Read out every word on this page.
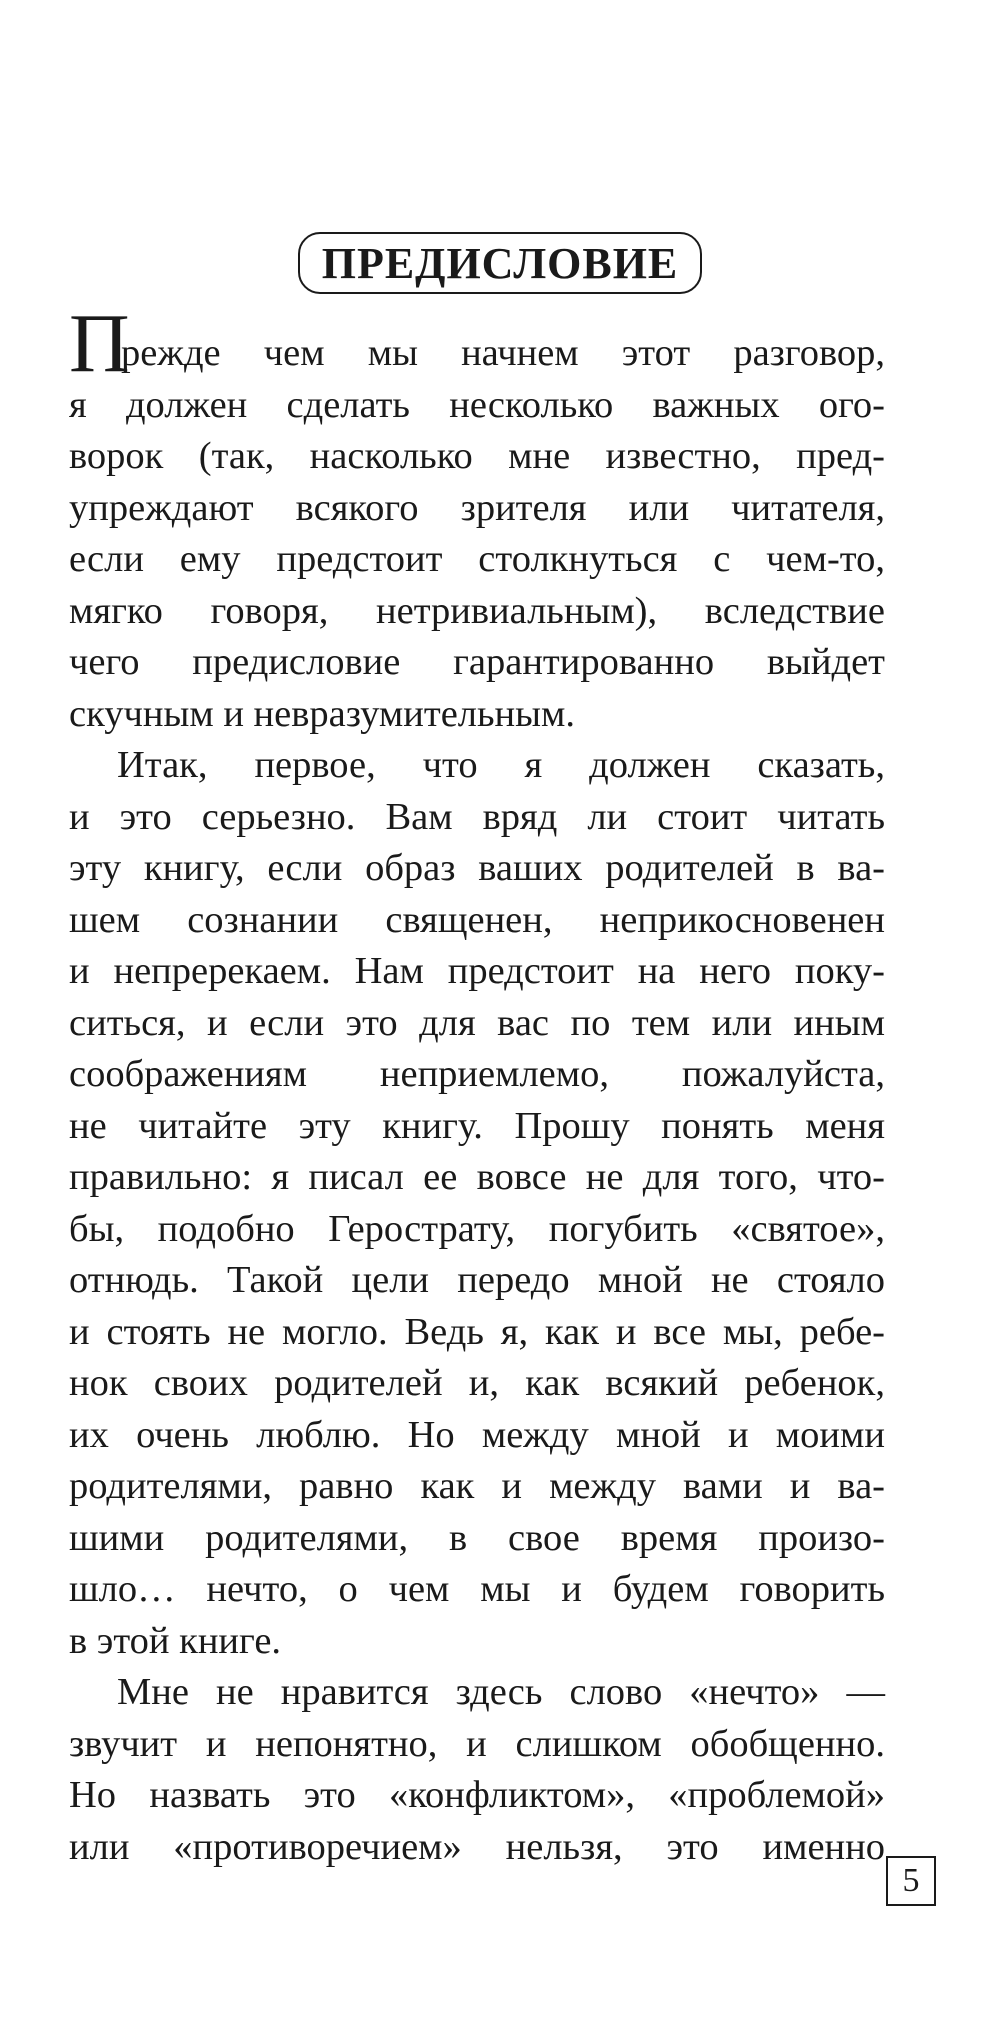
ПРЕДИСЛОВИЕ
П
режде чем мы начнем этот разговор,
я должен сделать несколько важных ого-
ворок (так, насколько мне известно, пред-
упреждают всякого зрителя или читателя,
если ему предстоит столкнуться с чем-то,
мягко говоря, нетривиальным), вследствие
чего предисловие гарантированно выйдет
скучным и невразумительным.
Итак, первое, что я должен сказать,
и это серьезно. Вам вряд ли стоит читать
эту книгу, если образ ваших родителей в ва-
шем сознании священен, неприкосновенен
и непререкаем. Нам предстоит на него поку-
ситься, и если это для вас по тем или иным
соображениям неприемлемо, пожалуйста,
не читайте эту книгу. Прошу понять меня
правильно: я писал ее вовсе не для того, что-
бы, подобно Герострату, погубить «святое»,
отнюдь. Такой цели передо мной не стояло
и стоять не могло. Ведь я, как и все мы, ребе-
нок своих родителей и, как всякий ребенок,
их очень люблю. Но между мной и моими
родителями, равно как и между вами и ва-
шими родителями, в свое время произо-
шло… нечто, о чем мы и будем говорить
в этой книге.
Мне не нравится здесь слово «нечто» —
звучит и непонятно, и слишком обобщенно.
Но назвать это «конфликтом», «проблемой»
или «противоречием» нельзя, это именно
5
